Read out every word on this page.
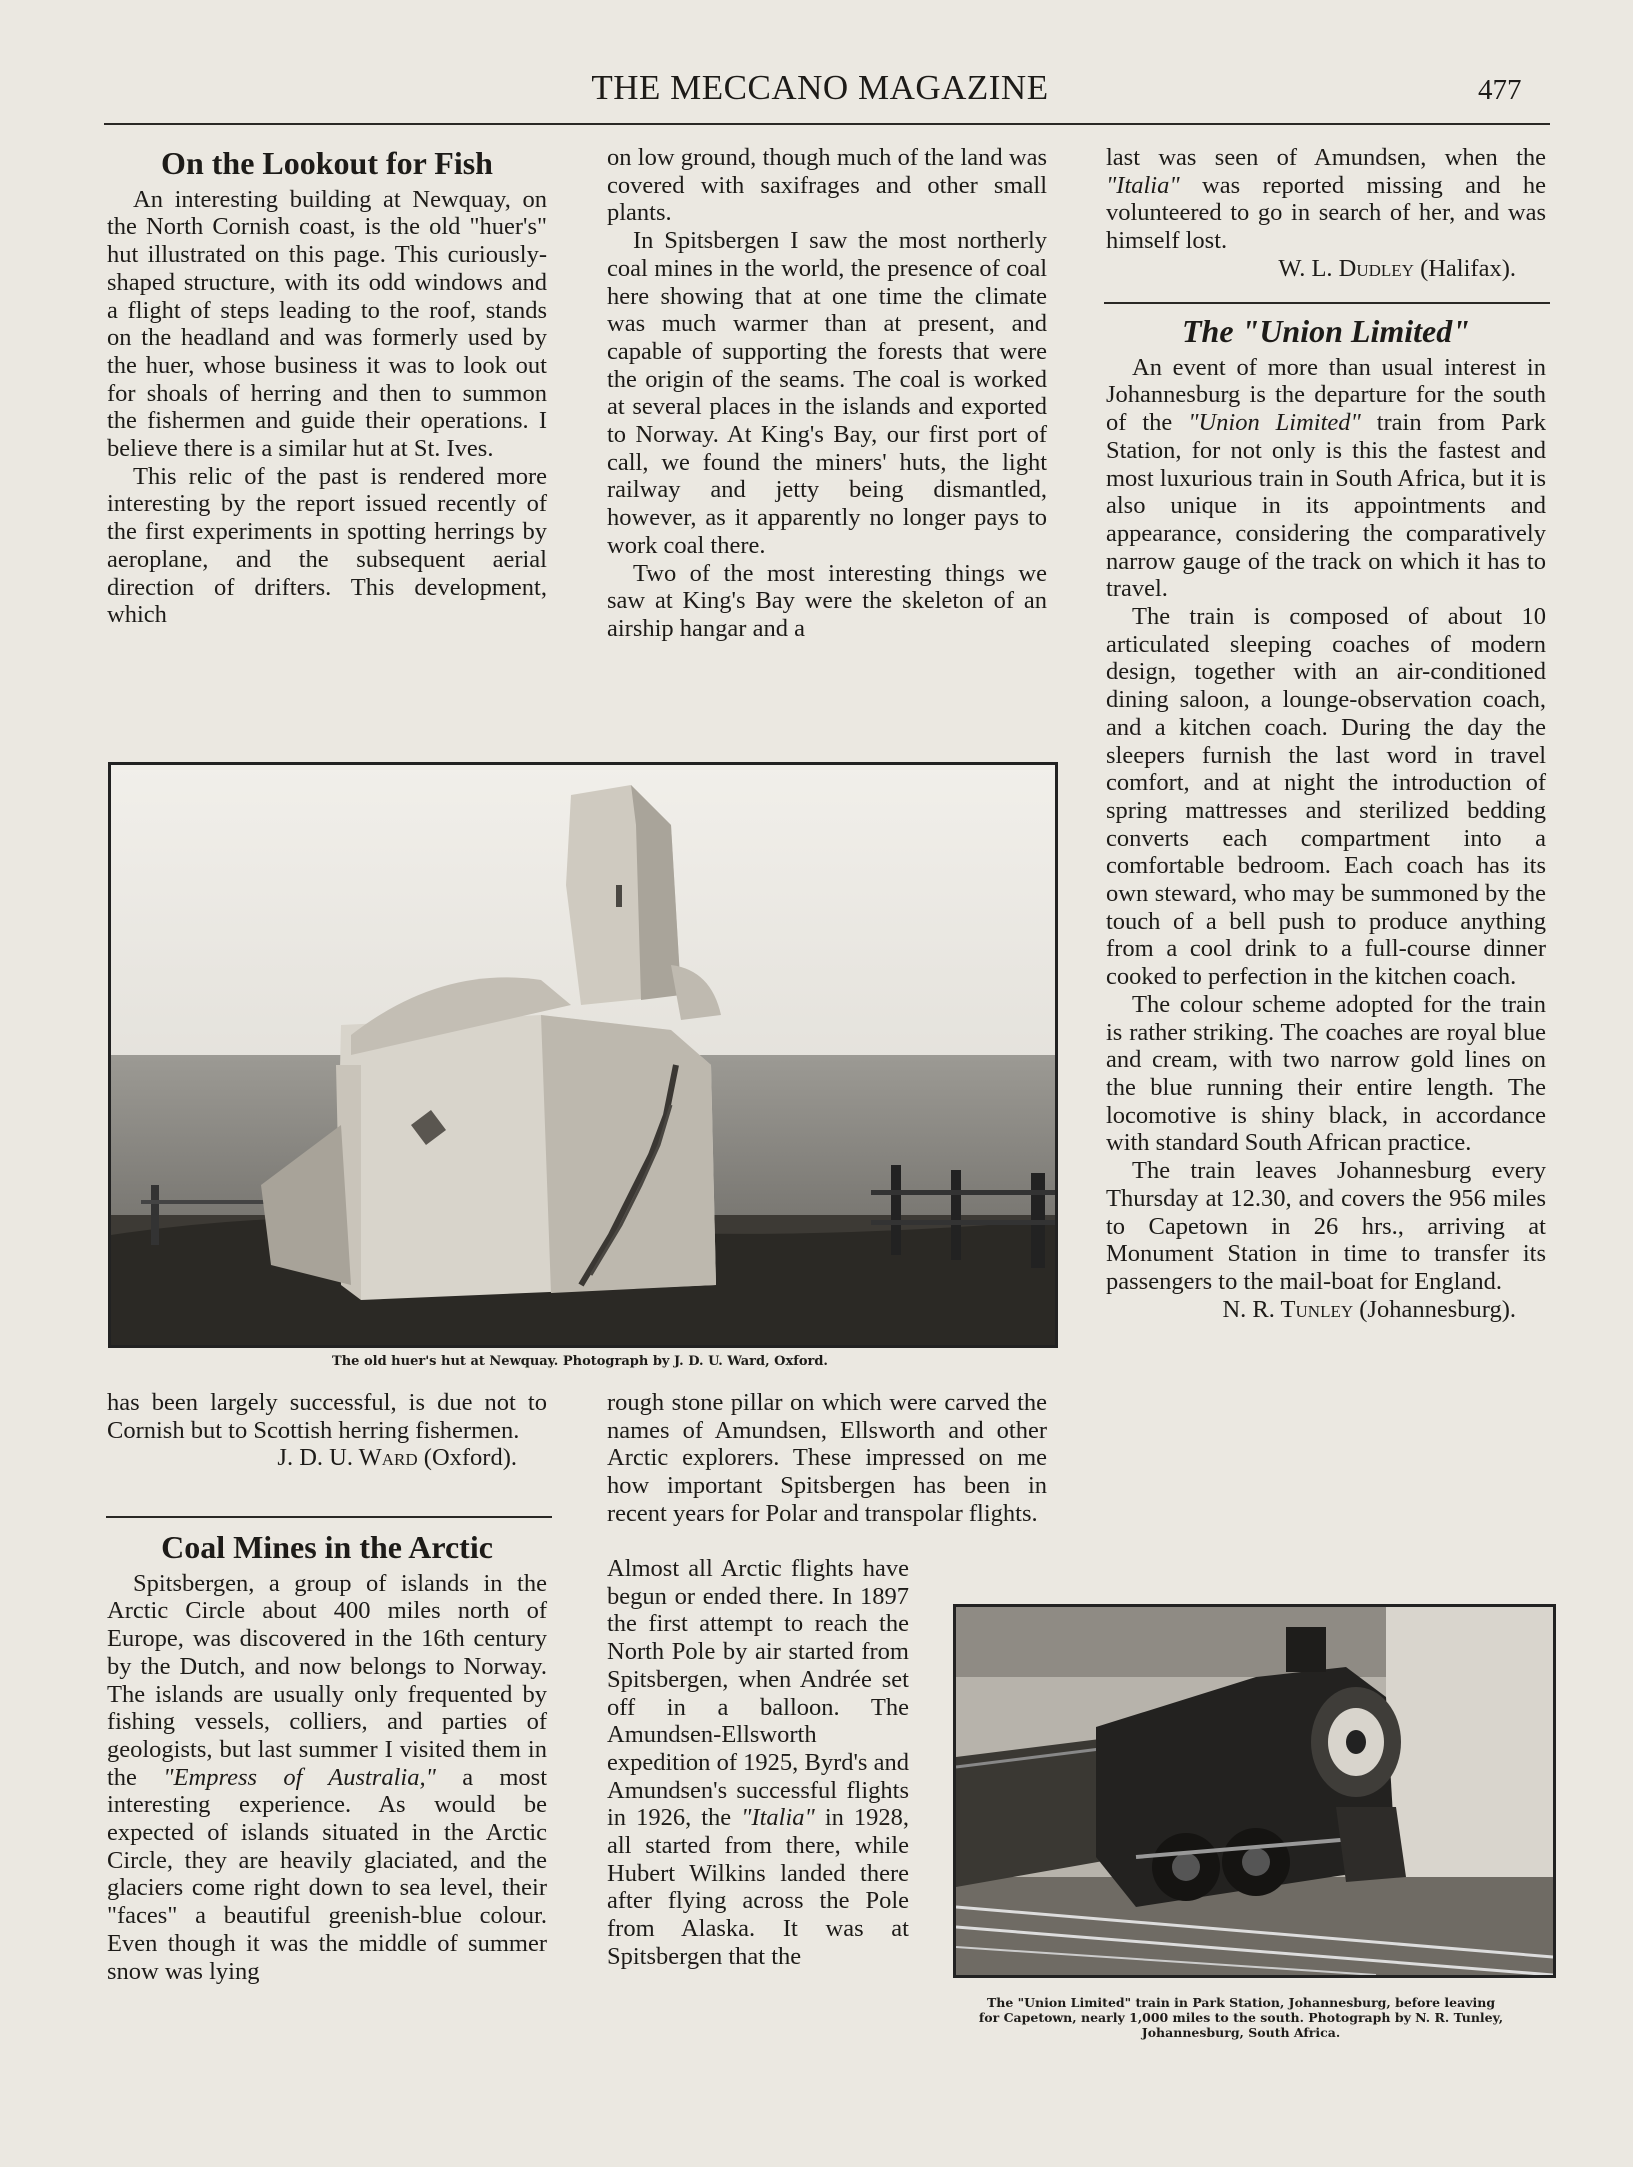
THE MECCANO MAGAZINE	477
On the Lookout for Fish

An interesting building at Newquay, on the North Cornish coast, is the old "huer's" hut illustrated on this page. This curiously-shaped structure, with its odd windows and a flight of steps leading to the roof, stands on the headland and was formerly used by the huer, whose business it was to look out for shoals of herring and then to summon the fishermen and guide their operations. I believe there is a similar hut at St. Ives.

This relic of the past is rendered more interesting by the report issued recently of the first experiments in spotting herrings by aeroplane, and the subsequent aerial direction of drifters. This development, which

on low ground, though much of the land was covered with saxifrages and other small plants.

In Spitsbergen I saw the most northerly coal mines in the world, the presence of coal here showing that at one time the climate was much warmer than at present, and capable of supporting the forests that were the origin of the seams. The coal is worked at several places in the islands and exported to Norway. At King's Bay, our first port of call, we found the miners' huts, the light railway and jetty being dismantled, however, as it apparently no longer pays to work coal there.

Two of the most interesting things we saw at King's Bay were the skeleton of an airship hangar and a

The old huer's hut at Newquay. Photograph by J. D. U. Ward, Oxford.

has been largely successful, is due not to Cornish but to Scottish herring fishermen.

J. D. U. Ward (Oxford).

Coal Mines in the Arctic

Spitsbergen, a group of islands in the Arctic Circle about 400 miles north of Europe, was discovered in the 16th century by the Dutch, and now belongs to Norway. The islands are usually only frequented by fishing vessels, colliers, and parties of geologists, but last summer I visited them in the "Empress of Australia," a most interesting experience. As would be expected of islands situated in the Arctic Circle, they are heavily glaciated, and the glaciers come right down to sea level, their "faces" a beautiful greenish-blue colour. Even though it was the middle of summer snow was lying

rough stone pillar on which were carved the names of Amundsen, Ellsworth and other Arctic explorers. These impressed on me how important Spitsbergen has been in recent years for Polar and transpolar flights.

Almost all Arctic flights have begun or ended there. In 1897 the first attempt to reach the North Pole by air started from Spitsbergen, when Andrée set off in a balloon. The Amundsen-Ellsworth expedition of 1925, Byrd's and Amundsen's successful flights in 1926, the "Italia" in 1928, all started from there, while Hubert Wilkins landed there after flying across the Pole from Alaska. It was at Spitsbergen that the

last was seen of Amundsen, when the "Italia" was reported missing and he volunteered to go in search of her, and was himself lost.

W. L. Dudley (Halifax).

The "Union Limited"

An event of more than usual interest in Johannesburg is the departure for the south of the "Union Limited" train from Park Station, for not only is this the fastest and most luxurious train in South Africa, but it is also unique in its appointments and appearance, considering the comparatively narrow gauge of the track on which it has to travel.

The train is composed of about 10 articulated sleeping coaches of modern design, together with an air-conditioned dining saloon, a lounge-observation coach, and a kitchen coach. During the day the sleepers furnish the last word in travel comfort, and at night the introduction of spring mattresses and sterilized bedding converts each compartment into a comfortable bedroom. Each coach has its own steward, who may be summoned by the touch of a bell push to produce anything from a cool drink to a full-course dinner cooked to perfection in the kitchen coach.

The colour scheme adopted for the train is rather striking. The coaches are royal blue and cream, with two narrow gold lines on the blue running their entire length. The locomotive is shiny black, in accordance with standard South African practice.

The train leaves Johannesburg every Thursday at 12.30, and covers the 956 miles to Capetown in 26 hrs., arriving at Monument Station in time to transfer its passengers to the mail-boat for England.

N. R. Tunley (Johannesburg).

The "Union Limited" train in Park Station, Johannesburg, before leaving
for Capetown, nearly 1,000 miles to the south. Photograph by N. R. Tunley,
Johannesburg, South Africa.
